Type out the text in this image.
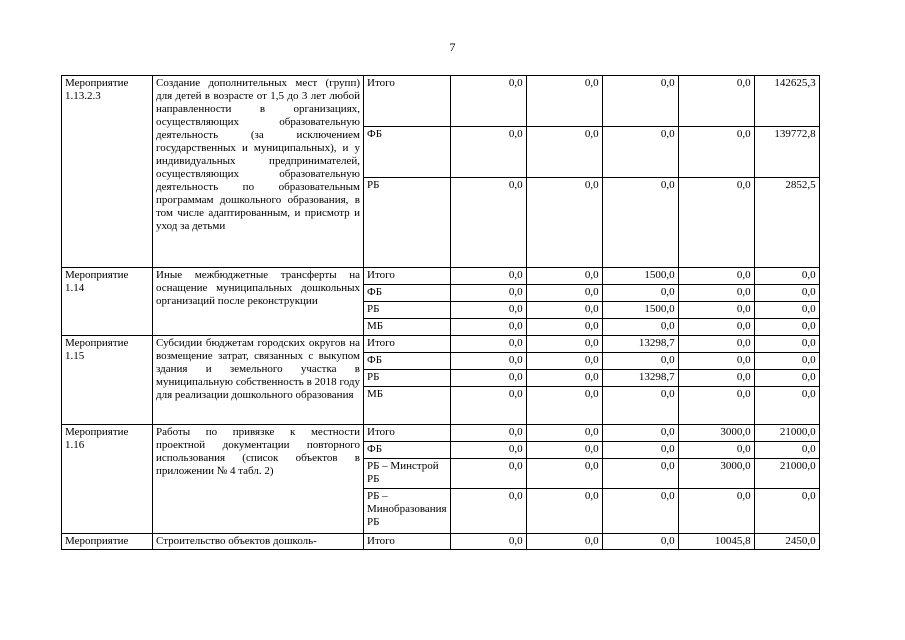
7
Мероприятие 1.13.2.3	Создание дополнительных мест (групп) для детей в возрасте от 1,5 до 3 лет любой направленности в организациях, осуществляющих образовательную деятельность (за исключением государственных и муниципальных), и у индивидуальных предпринимателей, осуществляющих образовательную деятельность по образовательным программам дошкольного образования, в том числе адаптированным, и присмотр и уход за детьми	Итого	0,0	0,0	0,0	0,0	142625,3
		ФБ	0,0	0,0	0,0	0,0	139772,8
		РБ	0,0	0,0	0,0	0,0	2852,5
Мероприятие 1.14	Иные межбюджетные трансферты на оснащение муниципальных дошкольных организаций после реконструкции	Итого	0,0	0,0	1500,0	0,0	0,0
		ФБ	0,0	0,0	0,0	0,0	0,0
		РБ	0,0	0,0	1500,0	0,0	0,0
		МБ	0,0	0,0	0,0	0,0	0,0
Мероприятие 1.15	Субсидии бюджетам городских округов на возмещение затрат, связанных с выкупом здания и земельного участка в муниципальную собственность в 2018 году для реализации дошкольного образования	Итого	0,0	0,0	13298,7	0,0	0,0
		ФБ	0,0	0,0	0,0	0,0	0,0
		РБ	0,0	0,0	13298,7	0,0	0,0
		МБ	0,0	0,0	0,0	0,0	0,0
Мероприятие 1.16	Работы по привязке к местности проектной документации повторного использования (список объектов в приложении № 4 табл. 2)	Итого	0,0	0,0	0,0	3000,0	21000,0
		ФБ	0,0	0,0	0,0	0,0	0,0
		РБ – Минстрой РБ	0,0	0,0	0,0	3000,0	21000,0
		РБ – Минобразования РБ	0,0	0,0	0,0	0,0	0,0
Мероприятие	Строительство объектов дошколь-	Итого	0,0	0,0	0,0	10045,8	2450,0
